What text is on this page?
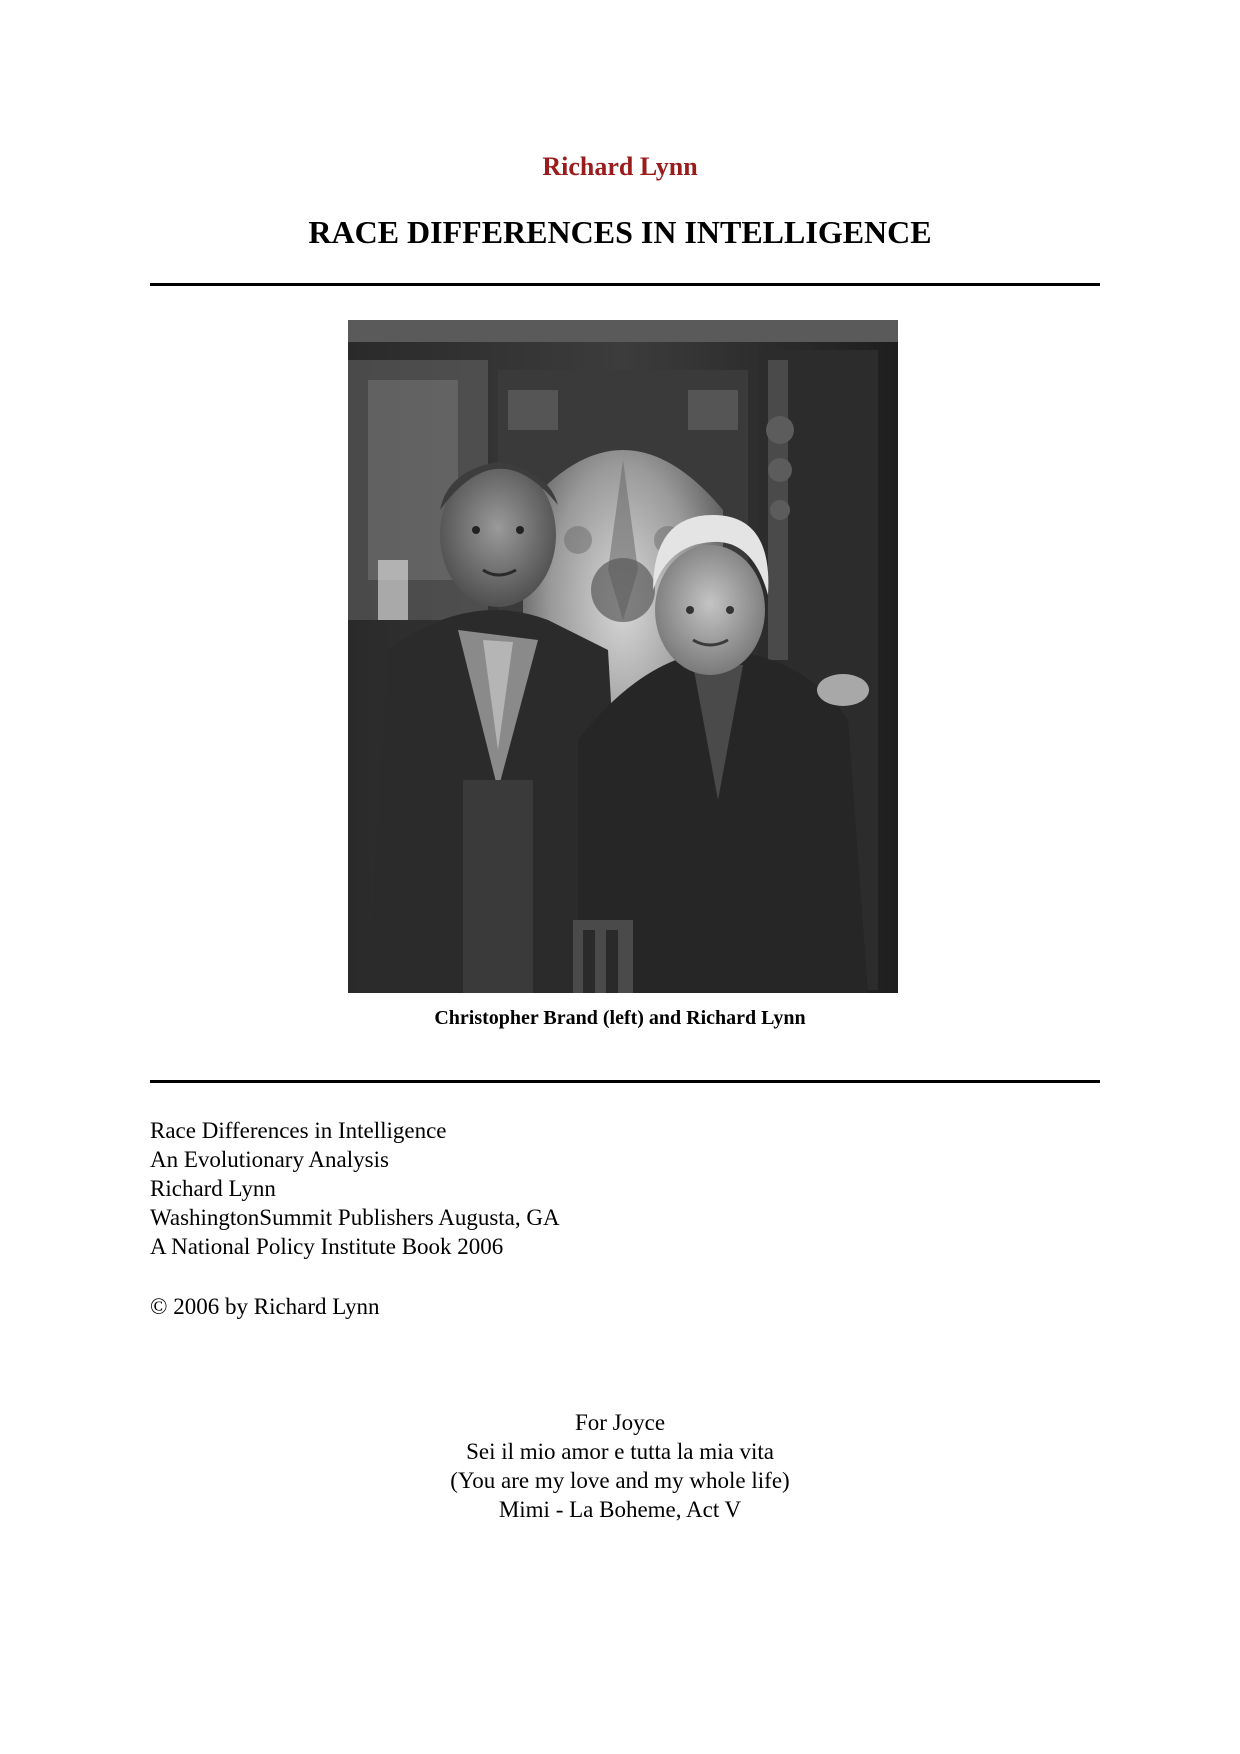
Richard Lynn
RACE DIFFERENCES IN INTELLIGENCE
Christopher Brand (left) and Richard Lynn
Race Differences in Intelligence
An Evolutionary Analysis
Richard Lynn
WashingtonSummit Publishers Augusta, GA
A National Policy Institute Book 2006
© 2006 by Richard Lynn
For Joyce
Sei il mio amor e tutta la mia vita
(You are my love and my whole life)
Mimi - La Boheme, Act V
